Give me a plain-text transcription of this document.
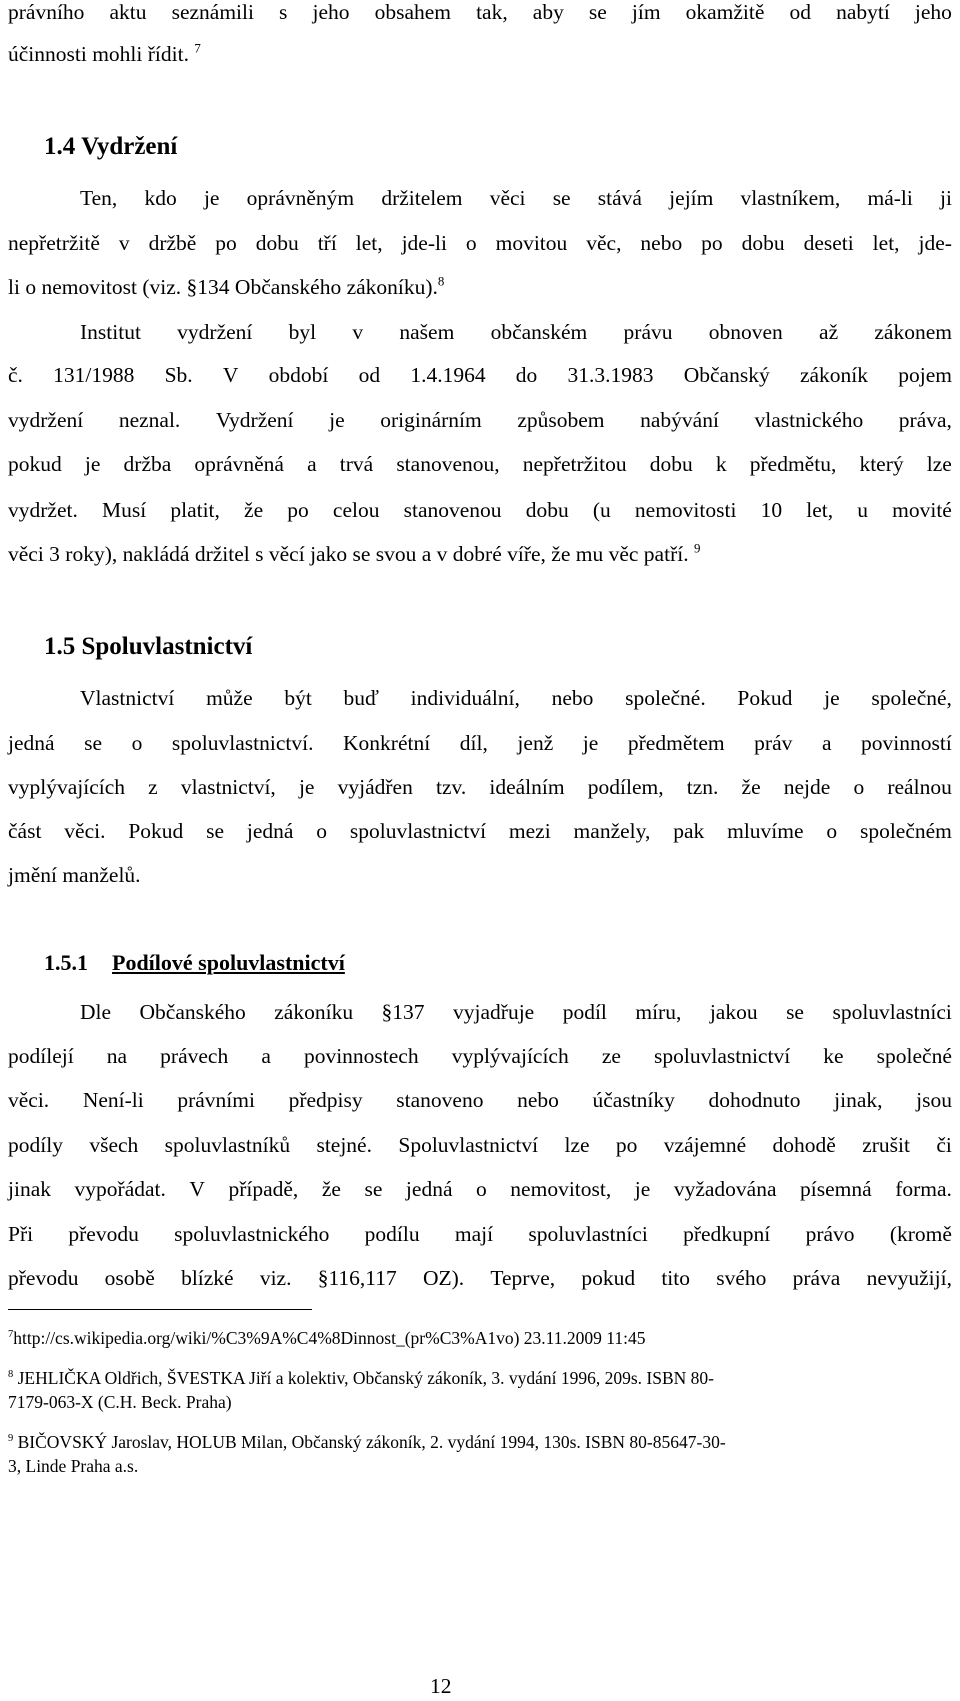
právního aktu seznámili s jeho obsahem tak, aby se jím okamžitě od nabytí jeho
účinnosti mohli řídit. $^7$
1.4 Vydržení
Ten, kdo je oprávněným držitelem věci se stává jejím vlastníkem, má-li ji
nepřetržitě v držbě po dobu tří let, jde-li o movitou věc, nebo po dobu deseti let, jde-
li o nemovitost (viz. §134 Občanského zákoníku).$^8$
Institut vydržení byl v našem občanském právu obnoven až zákonem
č. 131/1988 Sb. V období od 1.4.1964 do 31.3.1983 Občanský zákoník pojem
vydržení neznal. Vydržení je originárním způsobem nabývání vlastnického práva,
pokud je držba oprávněná a trvá stanovenou, nepřetržitou dobu k předmětu, který lze
vydržet. Musí platit, že po celou stanovenou dobu (u nemovitosti 10 let, u movité
věci 3 roky), nakládá držitel s věcí jako se svou a v dobré víře, že mu věc patří. $^9$
1.5 Spoluvlastnictví
Vlastnictví může být buď individuální, nebo společné. Pokud je společné,
jedná se o spoluvlastnictví. Konkrétní díl, jenž je předmětem práv a povinností
vyplývajících z vlastnictví, je vyjádřen tzv. ideálním podílem, tzn. že nejde o reálnou
část věci. Pokud se jedná o spoluvlastnictví mezi manžely, pak mluvíme o společném
jmění manželů.
1.5.1 Podílové spoluvlastnictví
Dle Občanského zákoníku §137 vyjadřuje podíl míru, jakou se spoluvlastníci
podílejí na právech a povinnostech vyplývajících ze spoluvlastnictví ke společné
věci. Není-li právními předpisy stanoveno nebo účastníky dohodnuto jinak, jsou
podíly všech spoluvlastníků stejné. Spoluvlastnictví lze po vzájemné dohodě zrušit či
jinak vypořádat. V případě, že se jedná o nemovitost, je vyžadována písemná forma.
Při převodu spoluvlastnického podílu mají spoluvlastníci předkupní právo (kromě
převodu osobě blízké viz. §116,117 OZ). Teprve, pokud tito svého práva nevyužijí,
$^7$http://cs.wikipedia.org/wiki/%C3%9A%C4%8Dinnost_(pr%C3%A1vo) 23.11.2009 11:45
$^8$ JEHLIČKA Oldřich, ŠVESTKA Jiří a kolektiv, Občanský zákoník, 3. vydání 1996, 209s. ISBN 80-
7179-063-X (C.H. Beck. Praha)
$^9$ BIČOVSKÝ Jaroslav, HOLUB Milan, Občanský zákoník, 2. vydání 1994, 130s. ISBN 80-85647-30-
3, Linde Praha a.s.
12
